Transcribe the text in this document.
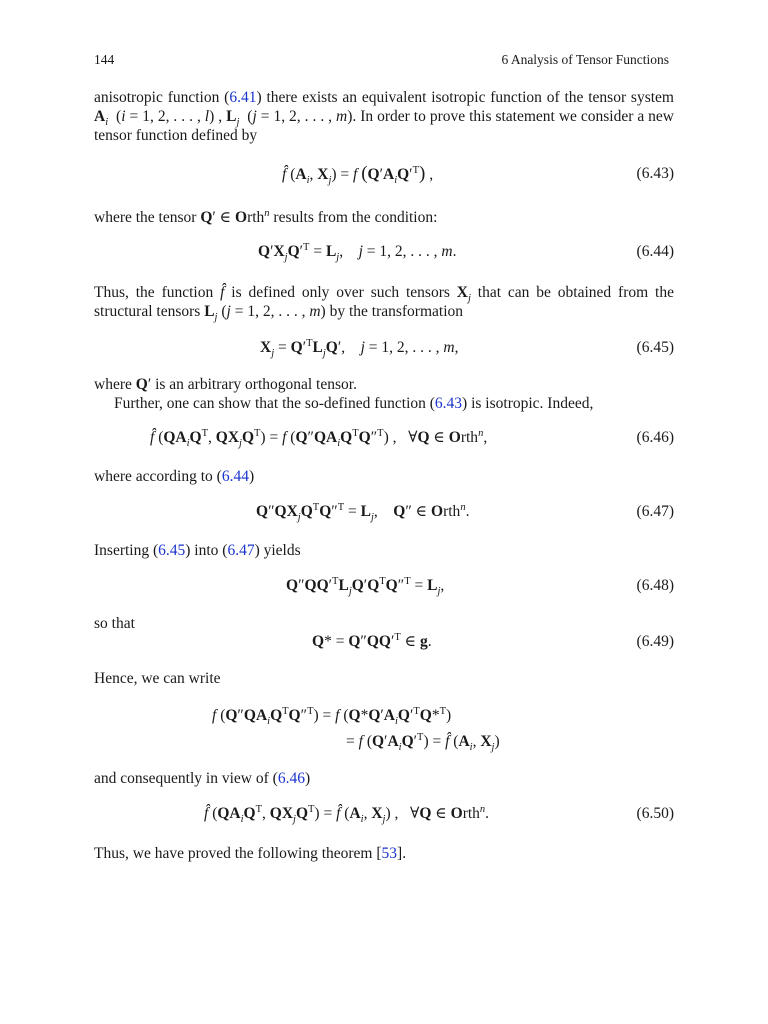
144	6 Analysis of Tensor Functions
anisotropic function (6.41) there exists an equivalent isotropic function of the tensor system $A_i$  (i = 1, 2, . . . , l) , $L_j$  (j = 1, 2, . . . , m). In order to prove this statement we consider a new tensor function defined by
f̂ ($A_i$, $X_j) = f$ $(Q'A_iQ'^T)$ ,	(6.43)
where the tensor Q′ ∈ Orth$^n$ results from the condition:
$Q'X_jQ'^T = L_j$,    j = 1, 2, . . . , m.	(6.44)
Thus, the function f̂ is defined only over such tensors $X_j$ that can be obtained from the structural tensors $L_j$ (j = 1, 2, . . . , m) by the transformation
$X_j = Q'^TL_jQ'$,    j = 1, 2, . . . , m,	(6.45)
where Q′ is an arbitrary orthogonal tensor.
Further, one can show that the so-defined function (6.43) is isotropic. Indeed,
f̂ ($QA_iQ^T$, $QX_jQ^T) = f$ $(Q''QA_iQ^TQ''^T)$ ,   ∀Q ∈ Orth$^n$,	(6.46)
where according to (6.44)
$Q''QX_jQ^TQ''^T = L_j$,    Q″ ∈ Orth$^n$.	(6.47)
Inserting (6.45) into (6.47) yields
$Q''QQ'^TL_jQ'Q^TQ''^T = L_j$,	(6.48)
so that
$Q* = Q''QQ'^T$ ∈ g.	(6.49)
Hence, we can write
f $(Q''QA_iQ^TQ''^T) = f$ $(Q*Q'A_iQ'^TQ*^T)$
= f $(Q'A_iQ'^T)$ = f̂ ($A_i$, $X_j$)
and consequently in view of (6.46)
f̂ ($QA_iQ^T$, $QX_jQ^T$) = f̂ ($A_i$, $X_j$) ,   ∀Q ∈ Orth$^n$.	(6.50)
Thus, we have proved the following theorem [53].
